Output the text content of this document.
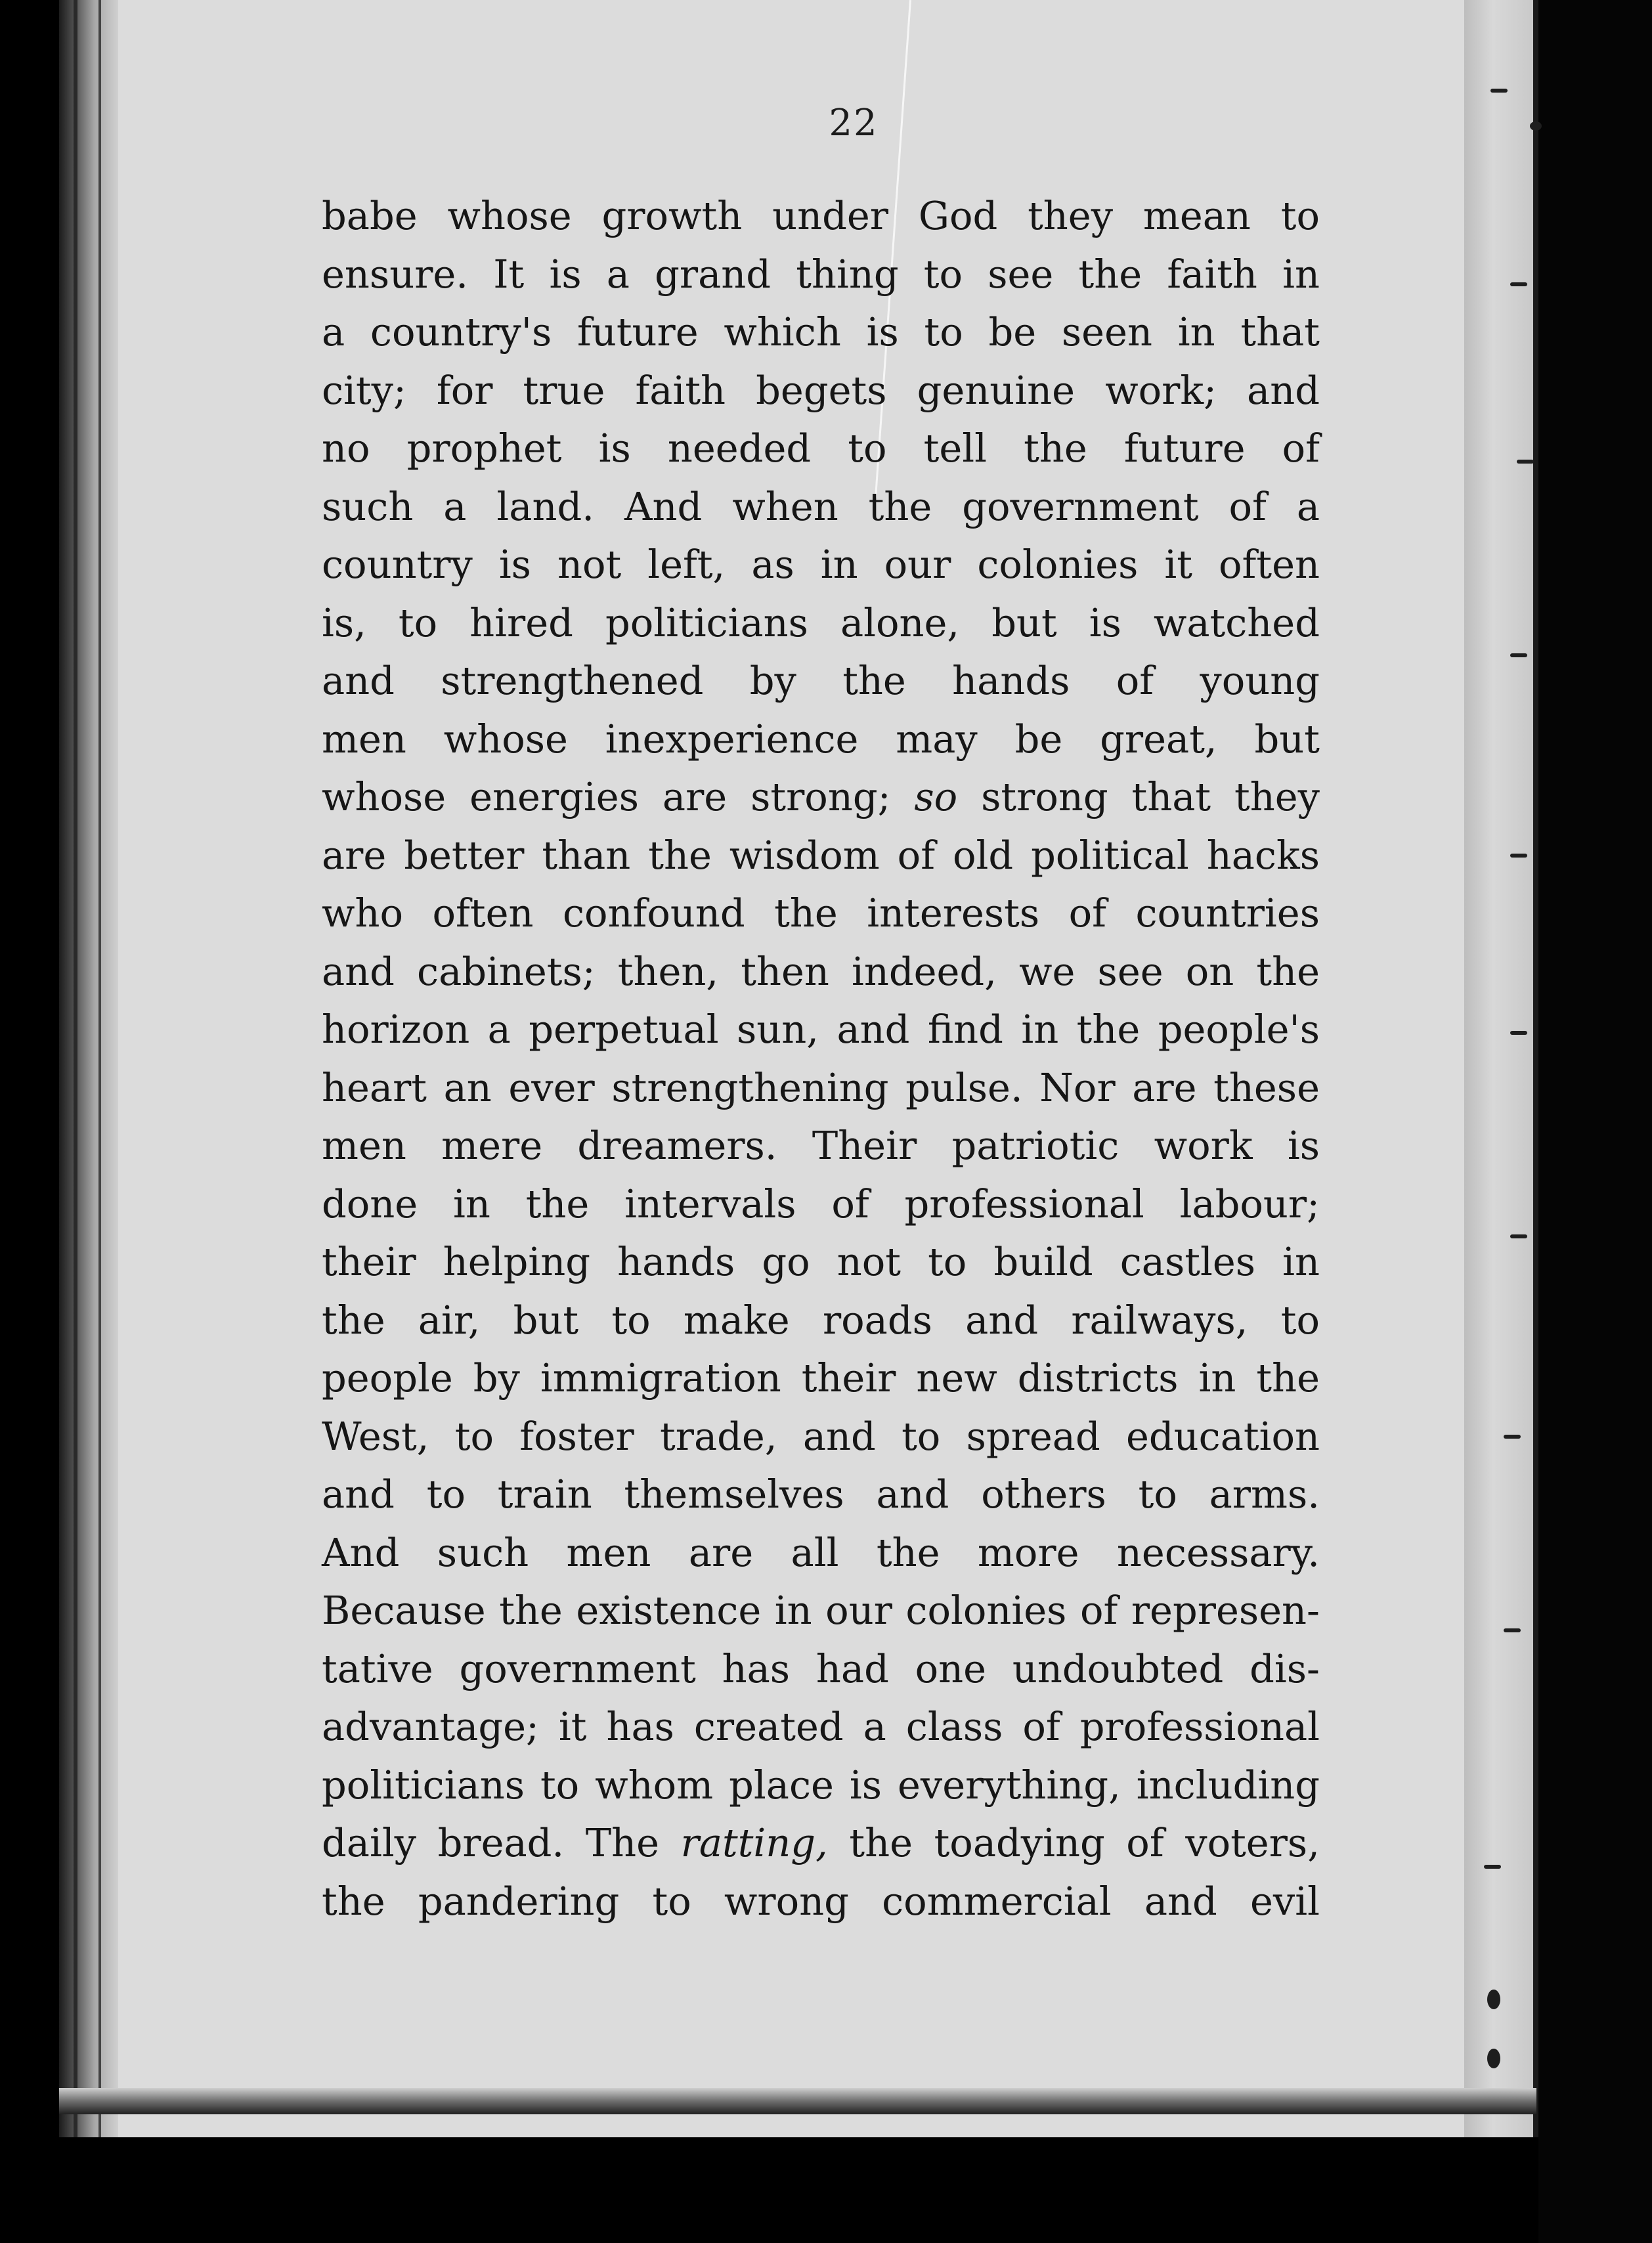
22
babe whose growth under God they mean to
ensure. It is a grand thing to see the faith in
a country's future which is to be seen in that
city; for true faith begets genuine work; and
no prophet is needed to tell the future of
such a land. And when the government of a
country is not left, as in our colonies it often
is, to hired politicians alone, but is watched
and strengthened by the hands of young
men whose inexperience may be great, but
whose energies are strong; so strong that they
are better than the wisdom of old political hacks
who often confound the interests of countries
and cabinets; then, then indeed, we see on the
horizon a perpetual sun, and find in the people's
heart an ever strengthening pulse. Nor are these
men mere dreamers. Their patriotic work is
done in the intervals of professional labour;
their helping hands go not to build castles in
the air, but to make roads and railways, to
people by immigration their new districts in the
West, to foster trade, and to spread education
and to train themselves and others to arms.
And such men are all the more necessary.
Because the existence in our colonies of represen-
tative government has had one undoubted dis-
advantage; it has created a class of professional
politicians to whom place is everything, including
daily bread. The ratting, the toadying of voters,
the pandering to wrong commercial and evil
